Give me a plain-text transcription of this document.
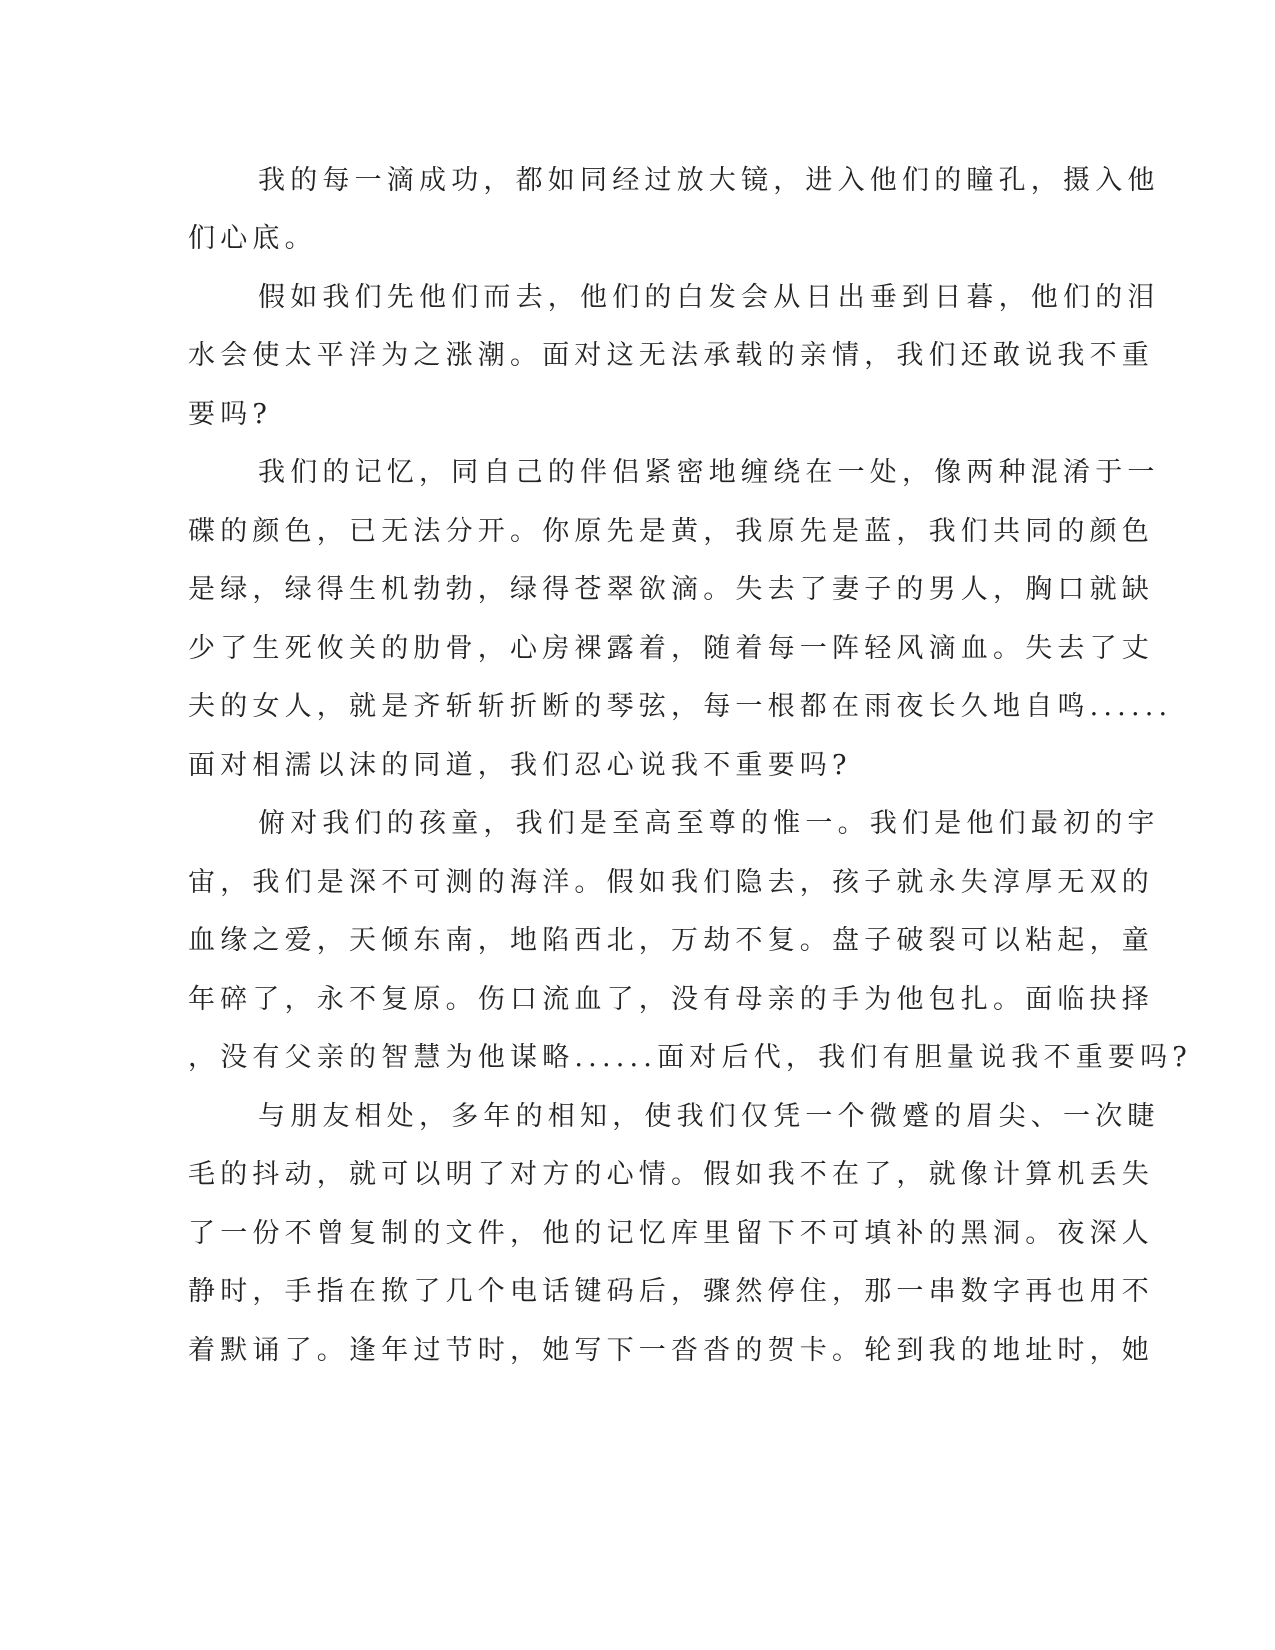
我的每一滴成功，都如同经过放大镜，进入他们的瞳孔，摄入他
们心底。
假如我们先他们而去，他们的白发会从日出垂到日暮，他们的泪
水会使太平洋为之涨潮。面对这无法承载的亲情，我们还敢说我不重
要吗?
我们的记忆，同自己的伴侣紧密地缠绕在一处，像两种混淆于一
碟的颜色，已无法分开。你原先是黄，我原先是蓝，我们共同的颜色
是绿，绿得生机勃勃，绿得苍翠欲滴。失去了妻子的男人，胸口就缺
少了生死攸关的肋骨，心房裸露着，随着每一阵轻风滴血。失去了丈
夫的女人，就是齐斩斩折断的琴弦，每一根都在雨夜长久地自鸣......
面对相濡以沫的同道，我们忍心说我不重要吗?
俯对我们的孩童，我们是至高至尊的惟一。我们是他们最初的宇
宙，我们是深不可测的海洋。假如我们隐去，孩子就永失淳厚无双的
血缘之爱，天倾东南，地陷西北，万劫不复。盘子破裂可以粘起，童
年碎了，永不复原。伤口流血了，没有母亲的手为他包扎。面临抉择
，没有父亲的智慧为他谋略......面对后代，我们有胆量说我不重要吗?
与朋友相处，多年的相知，使我们仅凭一个微蹙的眉尖、一次睫
毛的抖动，就可以明了对方的心情。假如我不在了，就像计算机丢失
了一份不曾复制的文件，他的记忆库里留下不可填补的黑洞。夜深人
静时，手指在揿了几个电话键码后，骤然停住，那一串数字再也用不
着默诵了。逢年过节时，她写下一沓沓的贺卡。轮到我的地址时，她
